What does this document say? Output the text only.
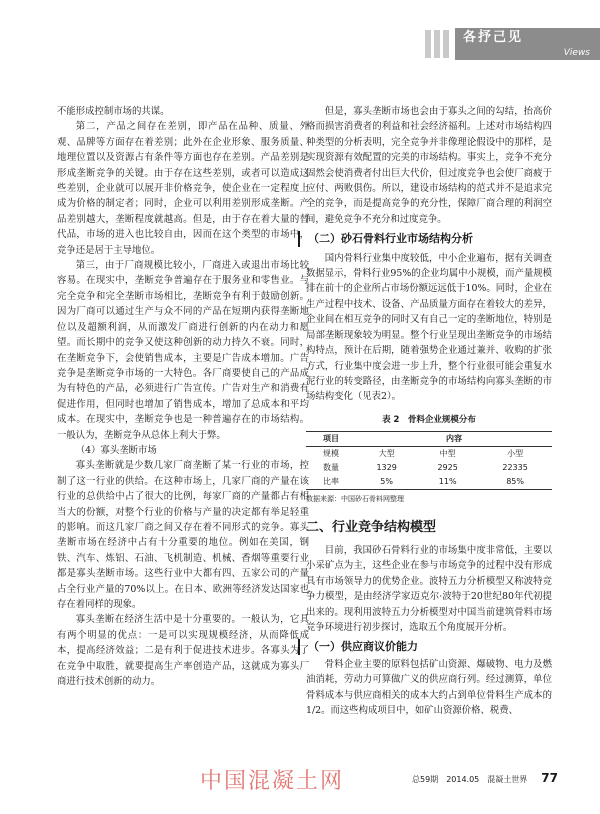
各抒己见
Views

不能形成控制市场的共谋。

第二，产品之间存在差别，即产品在品种、质量、外观、品牌等方面存在着差别；此外在企业形象、服务质量、地理位置以及资源占有条件等方面也存在差别。产品差别是形成垄断竞争的关键。由于存在这些差别，或者可以造成这些差别，企业就可以展开非价格竞争，使企业在一定程度上成为价格的制定者；同时，企业可以利用差别形成垄断。产品差别越大，垄断程度就越高。但是，由于存在着大量的替代品，市场的进入也比较自由，因而在这个类型的市场中，竞争还是居于主导地位。

第三，由于厂商规模比较小，厂商进入或退出市场比较容易。在现实中，垄断竞争普遍存在于服务业和零售业。与完全竞争和完全垄断市场相比，垄断竞争有利于鼓励创新。因为厂商可以通过生产与众不同的产品在短期内获得垄断地位以及超额利润，从而激发厂商进行创新的内在动力和愿望。而长期中的竞争又使这种创新的动力持久不衰。同时，在垄断竞争下，会使销售成本，主要是广告成本增加。广告竞争是垄断竞争市场的一大特色。各厂商要使自己的产品成为有特色的产品，必须进行广告宣传。广告对生产和消费有促进作用，但同时也增加了销售成本，增加了总成本和平均成本。在现实中，垄断竞争也是一种普遍存在的市场结构。一般认为，垄断竞争从总体上利大于弊。

（4）寡头垄断市场

寡头垄断就是少数几家厂商垄断了某一行业的市场，控制了这一行业的供给。在这种市场上，几家厂商的产量在该行业的总供给中占了很大的比例，每家厂商的产量都占有相当大的份额，对整个行业的价格与产量的决定都有举足轻重的影响。而这几家厂商之间又存在着不同形式的竞争。寡头垄断市场在经济中占有十分重要的地位。例如在美国，钢铁、汽车、炼铝、石油、飞机制造、机械、香烟等重要行业都是寡头垄断市场。这些行业中大都有四、五家公司的产量占全行业产量的70%以上。在日本、欧洲等经济发达国家也存在着同样的现象。

寡头垄断在经济生活中是十分重要的。一般认为，它具有两个明显的优点：一是可以实现规模经济，从而降低成本，提高经济效益；二是有利于促进技术进步。各寡头为了在竞争中取胜，就要提高生产率创造产品，这就成为寡头厂商进行技术创新的动力。

但是，寡头垄断市场也会由于寡头之间的勾结，抬高价格而损害消费者的利益和社会经济福利。上述对市场结构四种类型的分析表明，完全竞争并非像理论假设中的那样，是实现资源有效配置的完美的市场结构。事实上，竞争不充分固然会使消费者付出巨大代价，但过度竞争也会使厂商疲于应付、两败俱伤。所以，建设市场结构的范式并不是追求完全的竞争，而是提高竞争的充分性，保障厂商合理的利润空间，避免竞争不充分和过度竞争。

（二）砂石骨料行业市场结构分析

国内骨料行业集中度较低，中小企业遍布，据有关调查数据显示，骨料行业95%的企业均属中小规模，而产量规模排在前十的企业所占市场份额远远低于10%。同时，企业在生产过程中技术、设备、产品质量方面存在着较大的差异，企业间在相互竞争的同时又有自己一定的垄断地位，特别是局部垄断现象较为明显。整个行业呈现出垄断竞争的市场结构特点，预计在后期，随着强势企业通过兼并、收购的扩张方式，行业集中度会进一步上升，整个行业很可能会重复水泥行业的转变路径，由垄断竞争的市场结构向寡头垄断的市场结构变化（见表2）。

表 2　骨料企业规模分布
项目	内容		
规模	大型	中型	小型
数量	1329	2925	22335
比率	5%	11%	85%
数据来源：中国砂石骨料网整理
二、行业竞争结构模型

目前，我国砂石骨料行业的市场集中度非常低，主要以小采矿点为主，这些企业在参与市场竞争的过程中没有形成具有市场领导力的优势企业。波特五力分析模型又称波特竞争力模型，是由经济学家迈克尔·波特于20世纪80年代初提出来的。现利用波特五力分析模型对中国当前建筑骨料市场竞争环境进行初步探讨，选取五个角度展开分析。

（一）供应商议价能力

骨料企业主要的原料包括矿山资源、爆破物、电力及燃油消耗，劳动力可算做广义的供应商行列。经过测算，单位骨料成本与供应商相关的成本大约占到单位骨料生产成本的1/2。而这些构成项目中，如矿山资源价格、税费、

中国混凝土网	总59期 2014.05 混凝土世界 77
